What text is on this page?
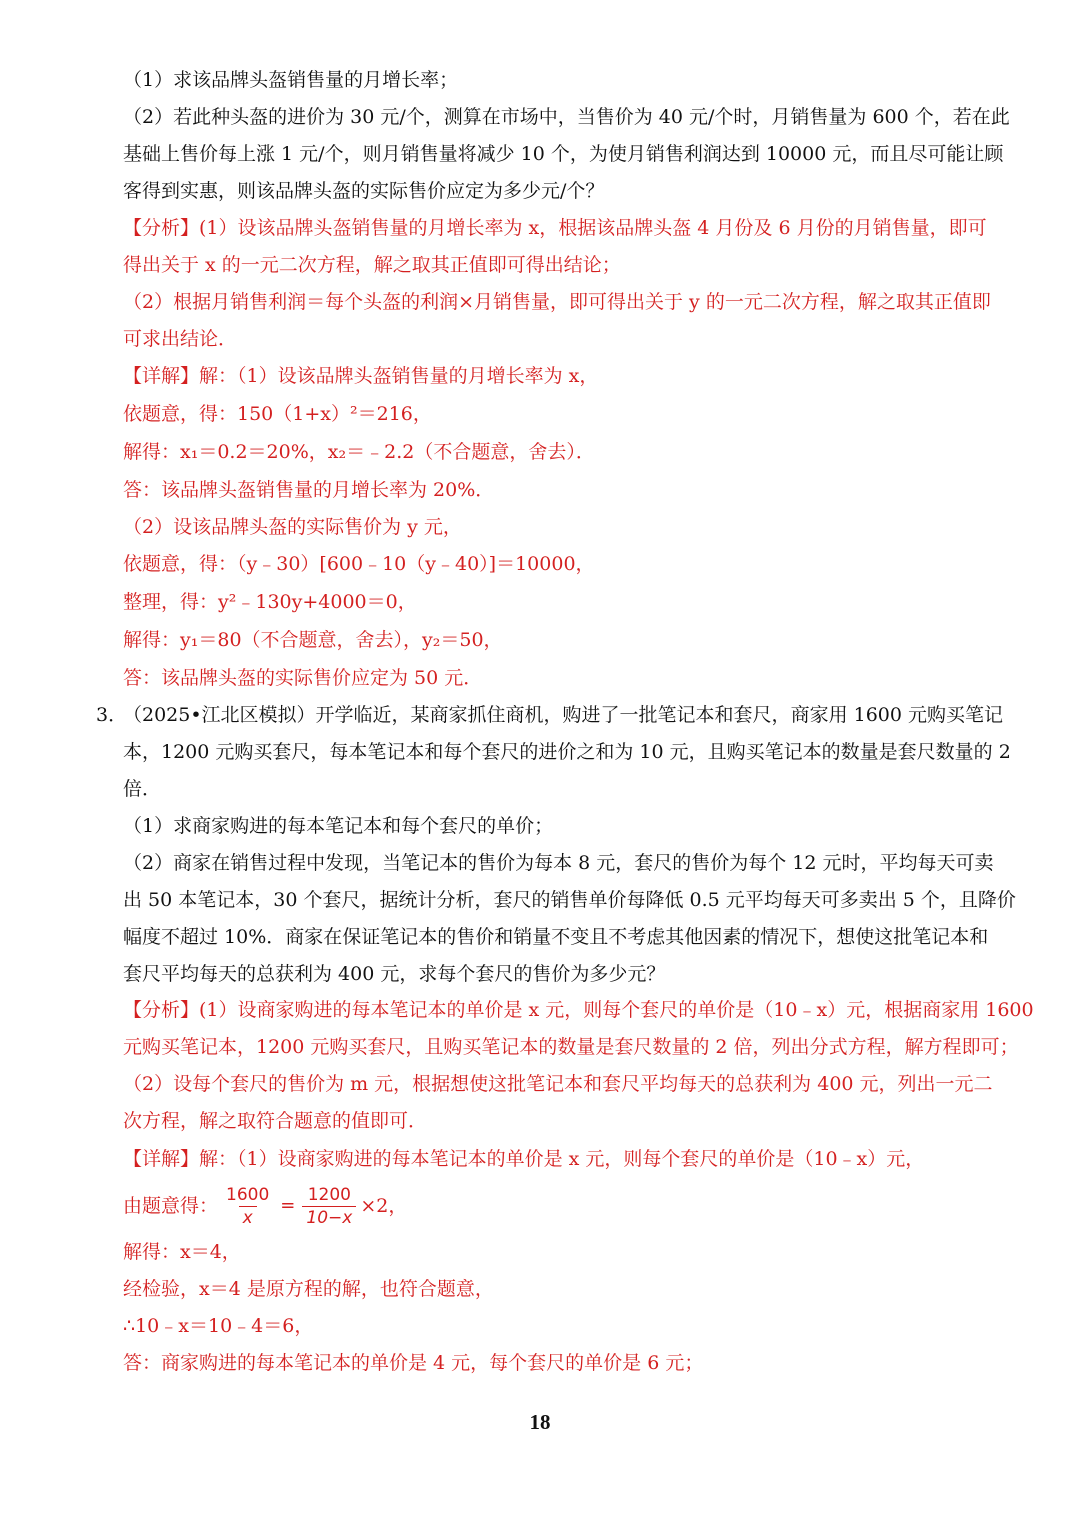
（1）求该品牌头盔销售量的月增长率；
（2）若此种头盔的进价为 30 元/个，测算在市场中，当售价为 40 元/个时，月销售量为 600 个，若在此
基础上售价每上涨 1 元/个，则月销售量将减少 10 个，为使月销售利润达到 10000 元，而且尽可能让顾
客得到实惠，则该品牌头盔的实际售价应定为多少元/个？
【分析】(1）设该品牌头盔销售量的月增长率为 x，根据该品牌头盔 4 月份及 6 月份的月销售量，即可
得出关于 x 的一元二次方程，解之取其正值即可得出结论；
（2）根据月销售利润＝每个头盔的利润×月销售量，即可得出关于 y 的一元二次方程，解之取其正值即
可求出结论．
【详解】解：（1）设该品牌头盔销售量的月增长率为 x，
依题意，得：150（1+x）²＝216，
解得：x₁＝0.2＝20%，x₂＝﹣2.2（不合题意，舍去）．
答：该品牌头盔销售量的月增长率为 20%．
（2）设该品牌头盔的实际售价为 y 元，
依题意，得：（y﹣30）[600﹣10（y﹣40）]＝10000，
整理，得：y²﹣130y+4000＝0，
解得：y₁＝80（不合题意，舍去），y₂＝50，
答：该品牌头盔的实际售价应定为 50 元．
3．
（2025•江北区模拟）开学临近，某商家抓住商机，购进了一批笔记本和套尺，商家用 1600 元购买笔记
本，1200 元购买套尺，每本笔记本和每个套尺的进价之和为 10 元，且购买笔记本的数量是套尺数量的 2
倍．
（1）求商家购进的每本笔记本和每个套尺的单价；
（2）商家在销售过程中发现，当笔记本的售价为每本 8 元，套尺的售价为每个 12 元时，平均每天可卖
出 50 本笔记本，30 个套尺，据统计分析，套尺的销售单价每降低 0.5 元平均每天可多卖出 5 个，且降价
幅度不超过 10%．商家在保证笔记本的售价和销量不变且不考虑其他因素的情况下，想使这批笔记本和
套尺平均每天的总获利为 400 元，求每个套尺的售价为多少元？
【分析】(1）设商家购进的每本笔记本的单价是 x 元，则每个套尺的单价是（10﹣x）元，根据商家用 1600
元购买笔记本，1200 元购买套尺，且购买笔记本的数量是套尺数量的 2 倍，列出分式方程，解方程即可；
（2）设每个套尺的售价为 m 元，根据想使这批笔记本和套尺平均每天的总获利为 400 元，列出一元二
次方程，解之取符合题意的值即可．
【详解】解：（1）设商家购进的每本笔记本的单价是 x 元，则每个套尺的单价是（10﹣x）元，
由题意得： $\frac{1600}{x} = \frac{1200}{10-x} \times 2$，
解得：x＝4，
经检验，x＝4 是原方程的解，也符合题意，
∴10﹣x＝10﹣4＝6，
答：商家购进的每本笔记本的单价是 4 元，每个套尺的单价是 6 元；
18
